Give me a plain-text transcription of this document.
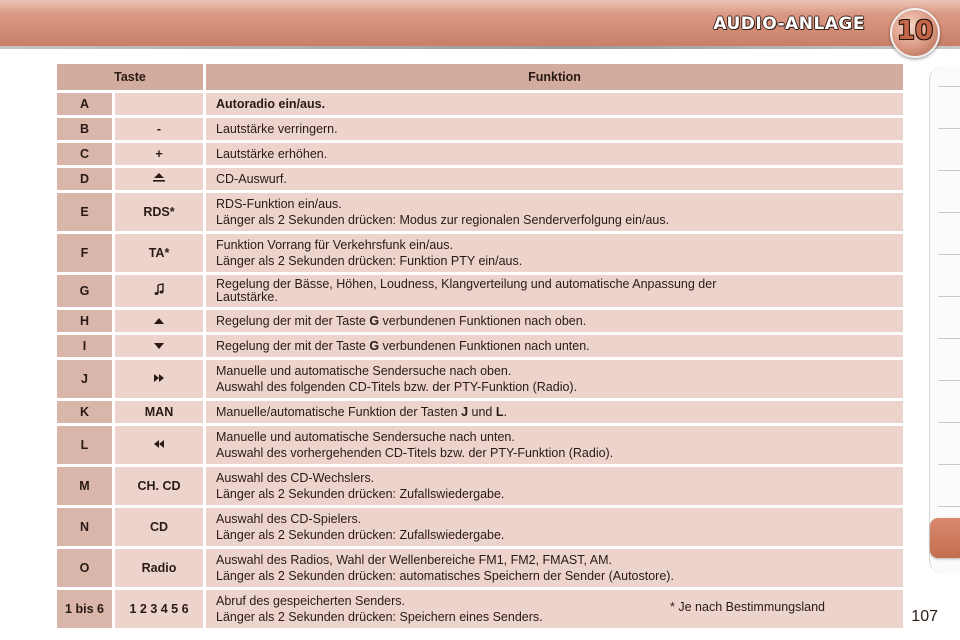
AUDIO-ANLAGE 10
Taste		Funktion
A		Autoradio ein/aus.

B	-	Lautstärke verringern.

C	+	Lautstärke erhöhen.

D		CD-Auswurf.

E	RDS*	RDS-Funktion ein/aus.
Länger als 2 Sekunden drücken: Modus zur regionalen Senderverfolgung ein/aus.

F	TA*	Funktion Vorrang für Verkehrsfunk ein/aus.
Länger als 2 Sekunden drücken: Funktion PTY ein/aus.

G		Regelung der Bässe, Höhen, Loudness, Klangverteilung und automatische Anpassung der
Lautstärke.

H		Regelung der mit der Taste G verbundenen Funktionen nach oben.

I		Regelung der mit der Taste G verbundenen Funktionen nach unten.

J		Manuelle und automatische Sendersuche nach oben.
Auswahl des folgenden CD-Titels bzw. der PTY-Funktion (Radio).

K	MAN	Manuelle/automatische Funktion der Tasten J und L.

L		Manuelle und automatische Sendersuche nach unten.
Auswahl des vorhergehenden CD-Titels bzw. der PTY-Funktion (Radio).

M	CH. CD	Auswahl des CD-Wechslers.
Länger als 2 Sekunden drücken: Zufallswiedergabe.

N	CD	Auswahl des CD-Spielers.
Länger als 2 Sekunden drücken: Zufallswiedergabe.

O	Radio	Auswahl des Radios, Wahl der Wellenbereiche FM1, FM2, FMAST, AM.
Länger als 2 Sekunden drücken: automatisches Speichern der Sender (Autostore).

1 bis 6	1 2 3 4 5 6	Abruf des gespeicherten Senders.
Länger als 2 Sekunden drücken: Speichern eines Senders.
* Je nach Bestimmungsland
107
